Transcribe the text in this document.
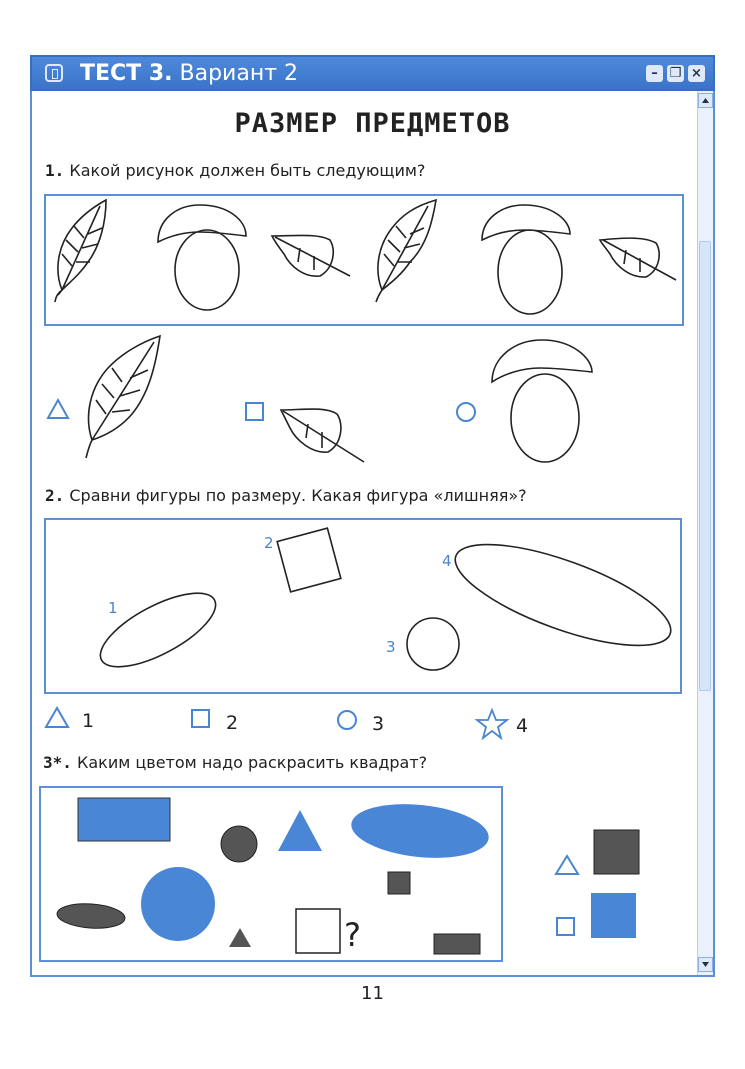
ТЕСТ 3. Вариант 2	– ❐ ×
РАЗМЕР ПРЕДМЕТОВ
1. Какой рисунок должен быть следующим?
2. Сравни фигуры по размеру. Какая фигура «лишняя»?
1
2
3
4
1	2	3	4
3*. Каким цветом надо раскрасить квадрат?
?
11
